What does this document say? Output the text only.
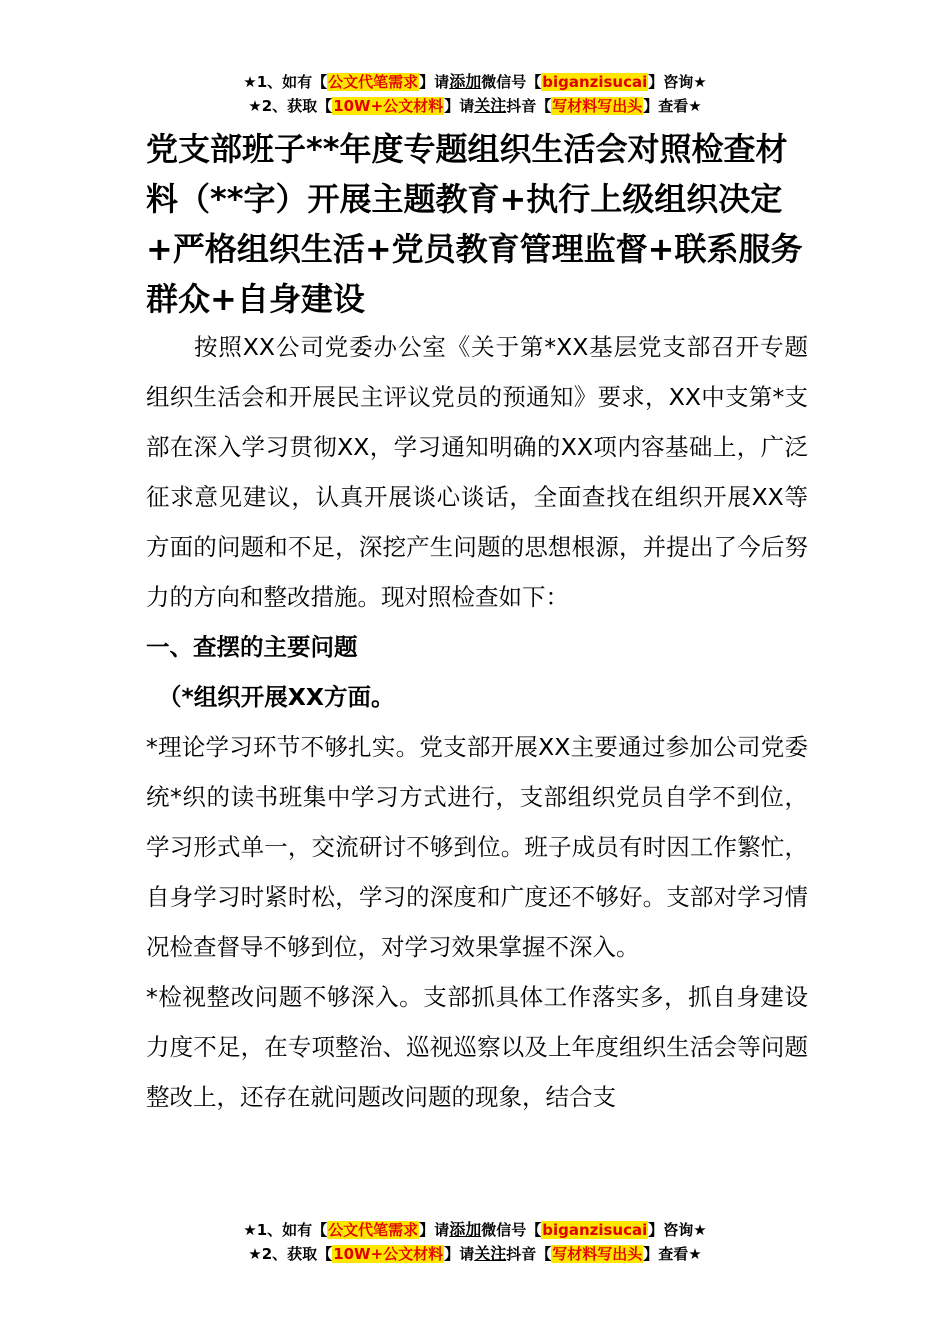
★1、如有【公文代笔需求】请添加微信号【biganzisucai】咨询★
★2、获取【10W+公文材料】请关注抖音【写材料写出头】查看★
党支部班子**年度专题组织生活会对照检查材料（**字）开展主题教育+执行上级组织决定+严格组织生活+党员教育管理监督+联系服务群众+自身建设

按照XX公司党委办公室《关于第*XX基层党支部召开专题组织生活会和开展民主评议党员的预通知》要求，XX中支第*支部在深入学习贯彻XX，学习通知明确的XX项内容基础上，广泛征求意见建议，认真开展谈心谈话，全面查找在组织开展XX等方面的问题和不足，深挖产生问题的思想根源，并提出了今后努力的方向和整改措施。现对照检查如下：

一、查摆的主要问题

（*组织开展XX方面。

*理论学习环节不够扎实。党支部开展XX主要通过参加公司党委统*织的读书班集中学习方式进行，支部组织党员自学不到位，学习形式单一，交流研讨不够到位。班子成员有时因工作繁忙，自身学习时紧时松，学习的深度和广度还不够好。支部对学习情况检查督导不够到位，对学习效果掌握不深入。

*检视整改问题不够深入。支部抓具体工作落实多，抓自身建设力度不足，在专项整治、巡视巡察以及上年度组织生活会等问题整改上，还存在就问题改问题的现象，结合支

★1、如有【公文代笔需求】请添加微信号【biganzisucai】咨询★
★2、获取【10W+公文材料】请关注抖音【写材料写出头】查看★
